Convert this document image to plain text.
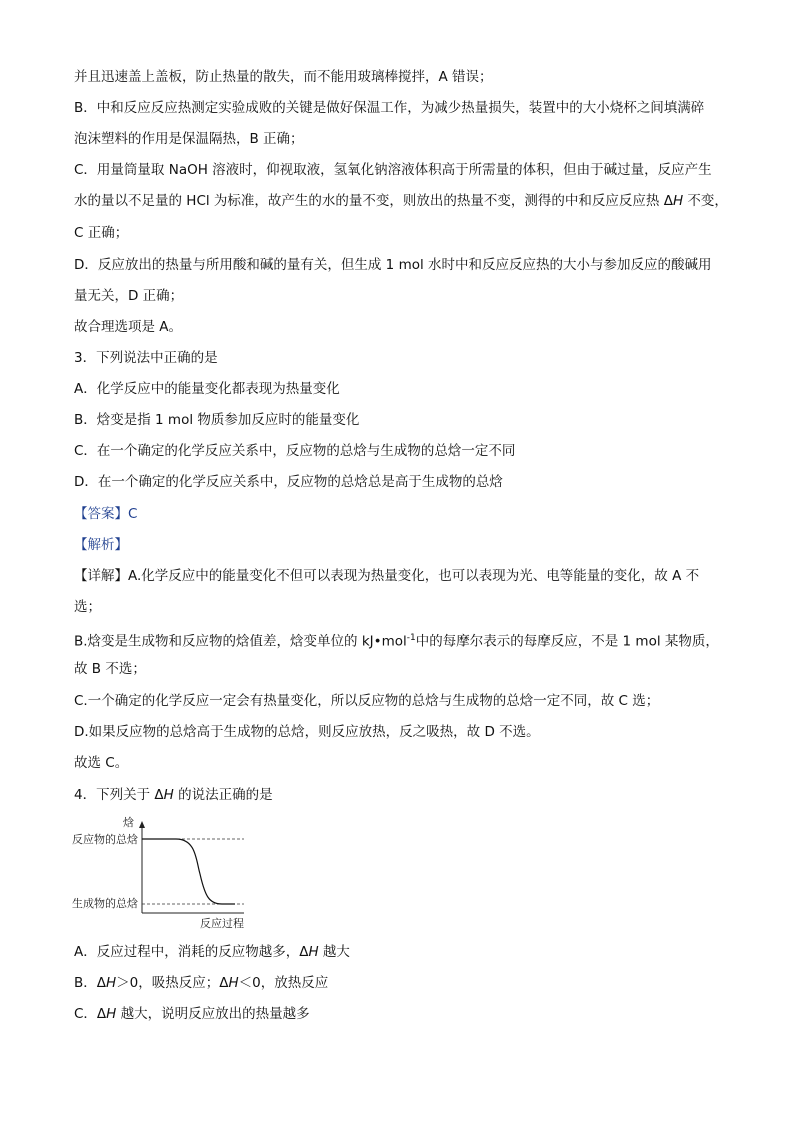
并且迅速盖上盖板，防止热量的散失，而不能用玻璃棒搅拌，A 错误；
B．中和反应反应热测定实验成败的关键是做好保温工作，为减少热量损失，装置中的大小烧杯之间填满碎
泡沫塑料的作用是保温隔热，B 正确；
C．用量筒量取 NaOH 溶液时，仰视取液，氢氧化钠溶液体积高于所需量的体积，但由于碱过量，反应产生
水的量以不足量的 HCl 为标准，故产生的水的量不变，则放出的热量不变，测得的中和反应反应热 ΔH 不变，
C 正确；
D．反应放出的热量与所用酸和碱的量有关，但生成 1 mol 水时中和反应反应热的大小与参加反应的酸碱用
量无关，D 正确；
故合理选项是 A。
3．下列说法中正确的是
A．化学反应中的能量变化都表现为热量变化
B．焓变是指 1 mol 物质参加反应时的能量变化
C．在一个确定的化学反应关系中，反应物的总焓与生成物的总焓一定不同
D．在一个确定的化学反应关系中，反应物的总焓总是高于生成物的总焓
【答案】C
【解析】
【详解】A.化学反应中的能量变化不但可以表现为热量变化，也可以表现为光、电等能量的变化，故 A 不
选；
B.焓变是生成物和反应物的焓值差，焓变单位的 kJ•mol$^{-1}$中的每摩尔表示的每摩反应，不是 1 mol 某物质，
故 B 不选；
C.一个确定的化学反应一定会有热量变化，所以反应物的总焓与生成物的总焓一定不同，故 C 选；
D.如果反应物的总焓高于生成物的总焓，则反应放热，反之吸热，故 D 不选。
故选 C。
4．下列关于 ΔH 的说法正确的是
焓
反应物的总焓
生成物的总焓
反应过程
A．反应过程中，消耗的反应物越多，ΔH 越大
B．ΔH＞0，吸热反应；ΔH＜0，放热反应
C．ΔH 越大，说明反应放出的热量越多
